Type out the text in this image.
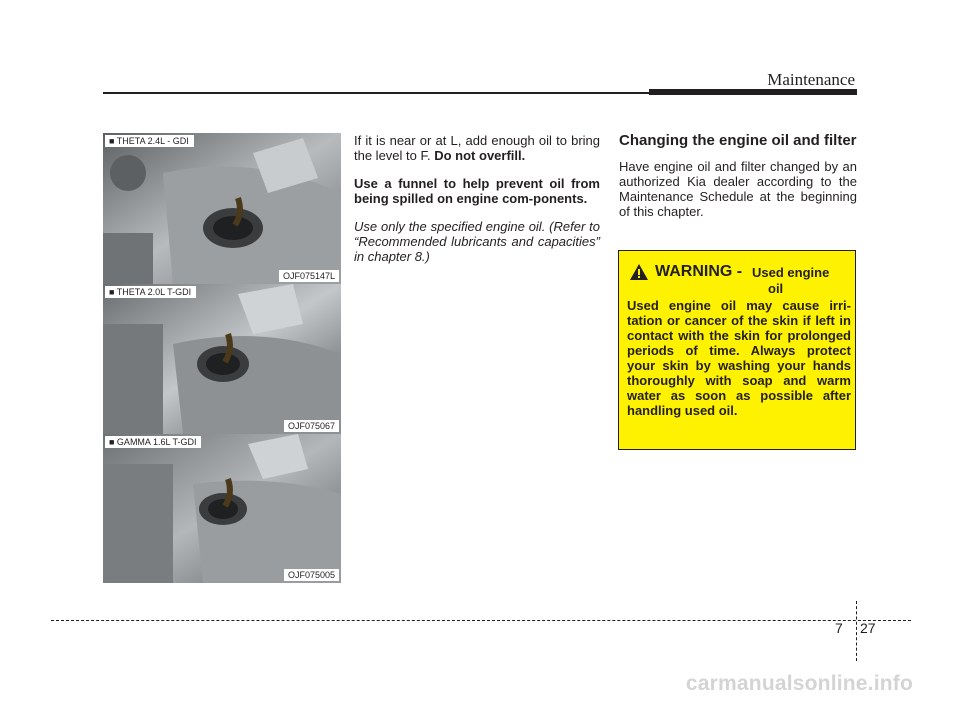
Maintenance
■ THETA 2.4L - GDI
OJF075147L
■ THETA 2.0L T-GDI
OJF075067
■ GAMMA 1.6L T-GDI
OJF075005

If it is near or at L, add enough oil to bring the level to F. Do not overfill.

Use a funnel to help prevent oil from being spilled on engine com-ponents.

Use only the specified engine oil. (Refer to “Recommended lubricants and capacities” in chapter 8.)

Changing the engine oil and filter
Have engine oil and filter changed by an authorized Kia dealer according to the Maintenance Schedule at the beginning of this chapter.
WARNING - Used engine
oil
Used engine oil may cause irri-tation or cancer of the skin if left in contact with the skin for prolonged periods of time. Always protect your skin by washing your hands thoroughly with soap and warm water as soon as possible after handling used oil.
7 27
carmanualsonline.info
